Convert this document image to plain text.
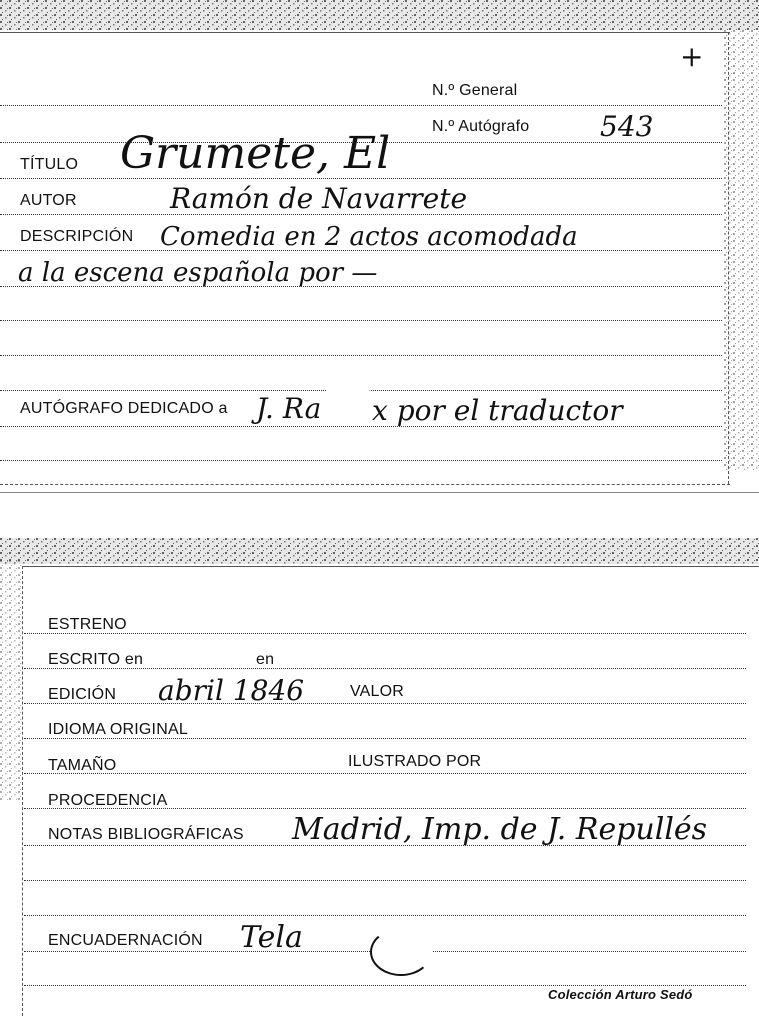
+
N.º General
N.º Autógrafo	543
TÍTULO Grumete, El
AUTOR	Ramón de Navarrete
DESCRIPCIÓN Comedia en 2 actos acomodada
a la escena española por —
AUTÓGRAFO DEDICADO a J. Ra x por el traductor
ESTRENO
ESCRITO en	en
EDICIÓN abril 1846	VALOR
IDIOMA ORIGINAL
TAMAÑO	ILUSTRADO POR
PROCEDENCIA
NOTAS BIBLIOGRÁFICAS Madrid, Imp. de J. Repullés
ENCUADERNACIÓN Tela
Colección Arturo Sedó
